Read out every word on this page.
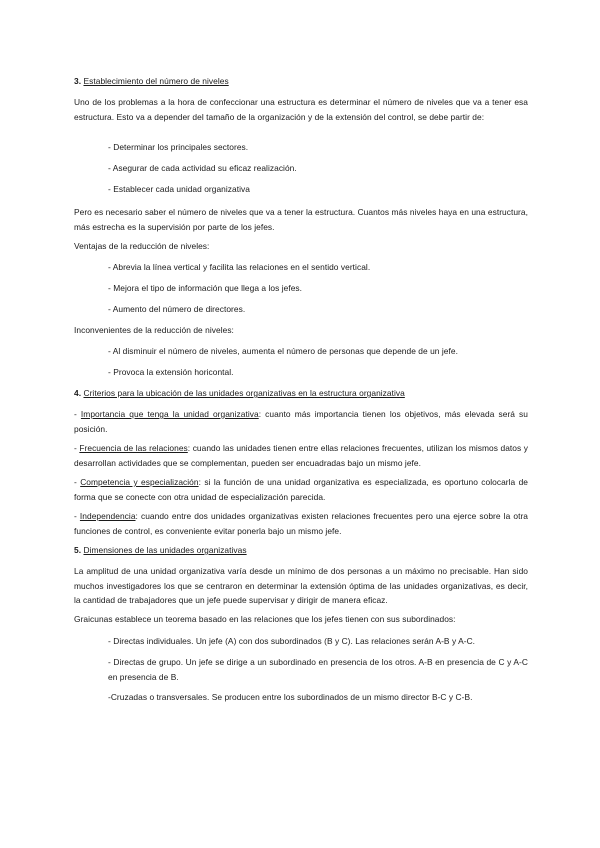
3. Establecimiento del número de niveles

Uno de los problemas a la hora de confeccionar una estructura es determinar el número de niveles que va a tener esa estructura. Esto va a depender del tamaño de la organización y de la extensión del control, se debe partir de:

- Determinar los principales sectores.

- Asegurar de cada actividad su eficaz realización.

- Establecer cada unidad organizativa

Pero es necesario saber el número de niveles que va a tener la estructura. Cuantos más niveles haya en una estructura, más estrecha es la supervisión por parte de los jefes.

Ventajas de la reducción de niveles:

- Abrevia la línea vertical y facilita las relaciones en el sentido vertical.

- Mejora el tipo de información que llega a los jefes.

- Aumento del número de directores.

Inconvenientes de la reducción de niveles:

- Al disminuir el número de niveles, aumenta el número de personas que depende de un jefe.

- Provoca la extensión horicontal.

4. Criterios para la ubicación de las unidades organizativas en la estructura organizativa

- Importancia que tenga la unidad organizativa: cuanto más importancia tienen los objetivos, más elevada será su posición.

- Frecuencia de las relaciones: cuando las unidades tienen entre ellas relaciones frecuentes, utilizan los mismos datos y desarrollan actividades que se complementan, pueden ser encuadradas bajo un mismo jefe.

- Competencia y especialización: si la función de una unidad organizativa es especializada, es oportuno colocarla de forma que se conecte con otra unidad de especialización parecida.

- Independencia: cuando entre dos unidades organizativas existen relaciones frecuentes pero una ejerce sobre la otra funciones de control, es conveniente evitar ponerla bajo un mismo jefe.

5. Dimensiones de las unidades organizativas

La amplitud de una unidad organizativa varía desde un mínimo de dos personas a un máximo no precisable. Han sido muchos investigadores los que se centraron en determinar la extensión óptima de las unidades organizativas, es decir, la cantidad de trabajadores que un jefe puede supervisar y dirigir de manera eficaz.

Graicunas establece un teorema basado en las relaciones que los jefes tienen con sus subordinados:

- Directas individuales. Un jefe (A) con dos subordinados (B y C). Las relaciones serán A-B y A-C.

- Directas de grupo. Un jefe se dirige a un subordinado en presencia de los otros. A-B en presencia de C y A-C en presencia de B.

-Cruzadas o transversales. Se producen entre los subordinados de un mismo director B-C y C-B.
